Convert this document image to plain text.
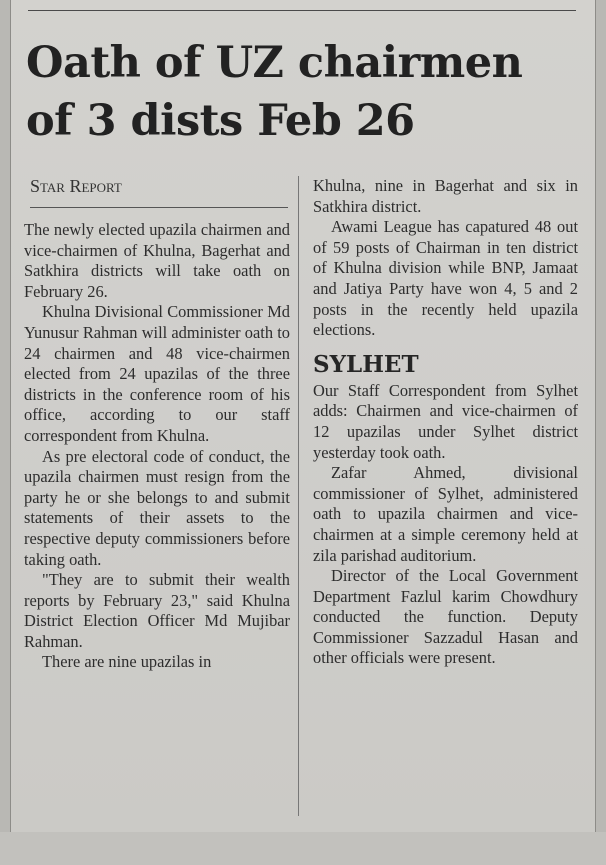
Oath of UZ chairmen
of 3 dists Feb 26
Star Report

The newly elected upazila chairmen and vice-chairmen of Khulna, Bagerhat and Satkhira districts will take oath on February 26.

Khulna Divisional Commissioner Md Yunusur Rahman will administer oath to 24 chairmen and 48 vice-chairmen elected from 24 upazilas of the three districts in the conference room of his office, according to our staff correspondent from Khulna.

As pre electoral code of conduct, the upazila chairmen must resign from the party he or she belongs to and submit statements of their assets to the respective deputy commissioners before taking oath.

"They are to submit their wealth reports by February 23," said Khulna District Election Officer Md Mujibar Rahman.

There are nine upazilas in

Khulna, nine in Bagerhat and six in Satkhira district.

Awami League has capatured 48 out of 59 posts of Chairman in ten district of Khulna division while BNP, Jamaat and Jatiya Party have won 4, 5 and 2 posts in the recently held upazila elections.

SYLHET

Our Staff Correspondent from Sylhet adds: Chairmen and vice-chairmen of 12 upazilas under Sylhet district yesterday took oath.

Zafar Ahmed, divisional commissioner of Sylhet, administered oath to upazila chairmen and vice-chairmen at a simple ceremony held at zila parishad auditorium.

Director of the Local Government Department Fazlul karim Chowdhury conducted the function. Deputy Commissioner Sazzadul Hasan and other officials were present.
